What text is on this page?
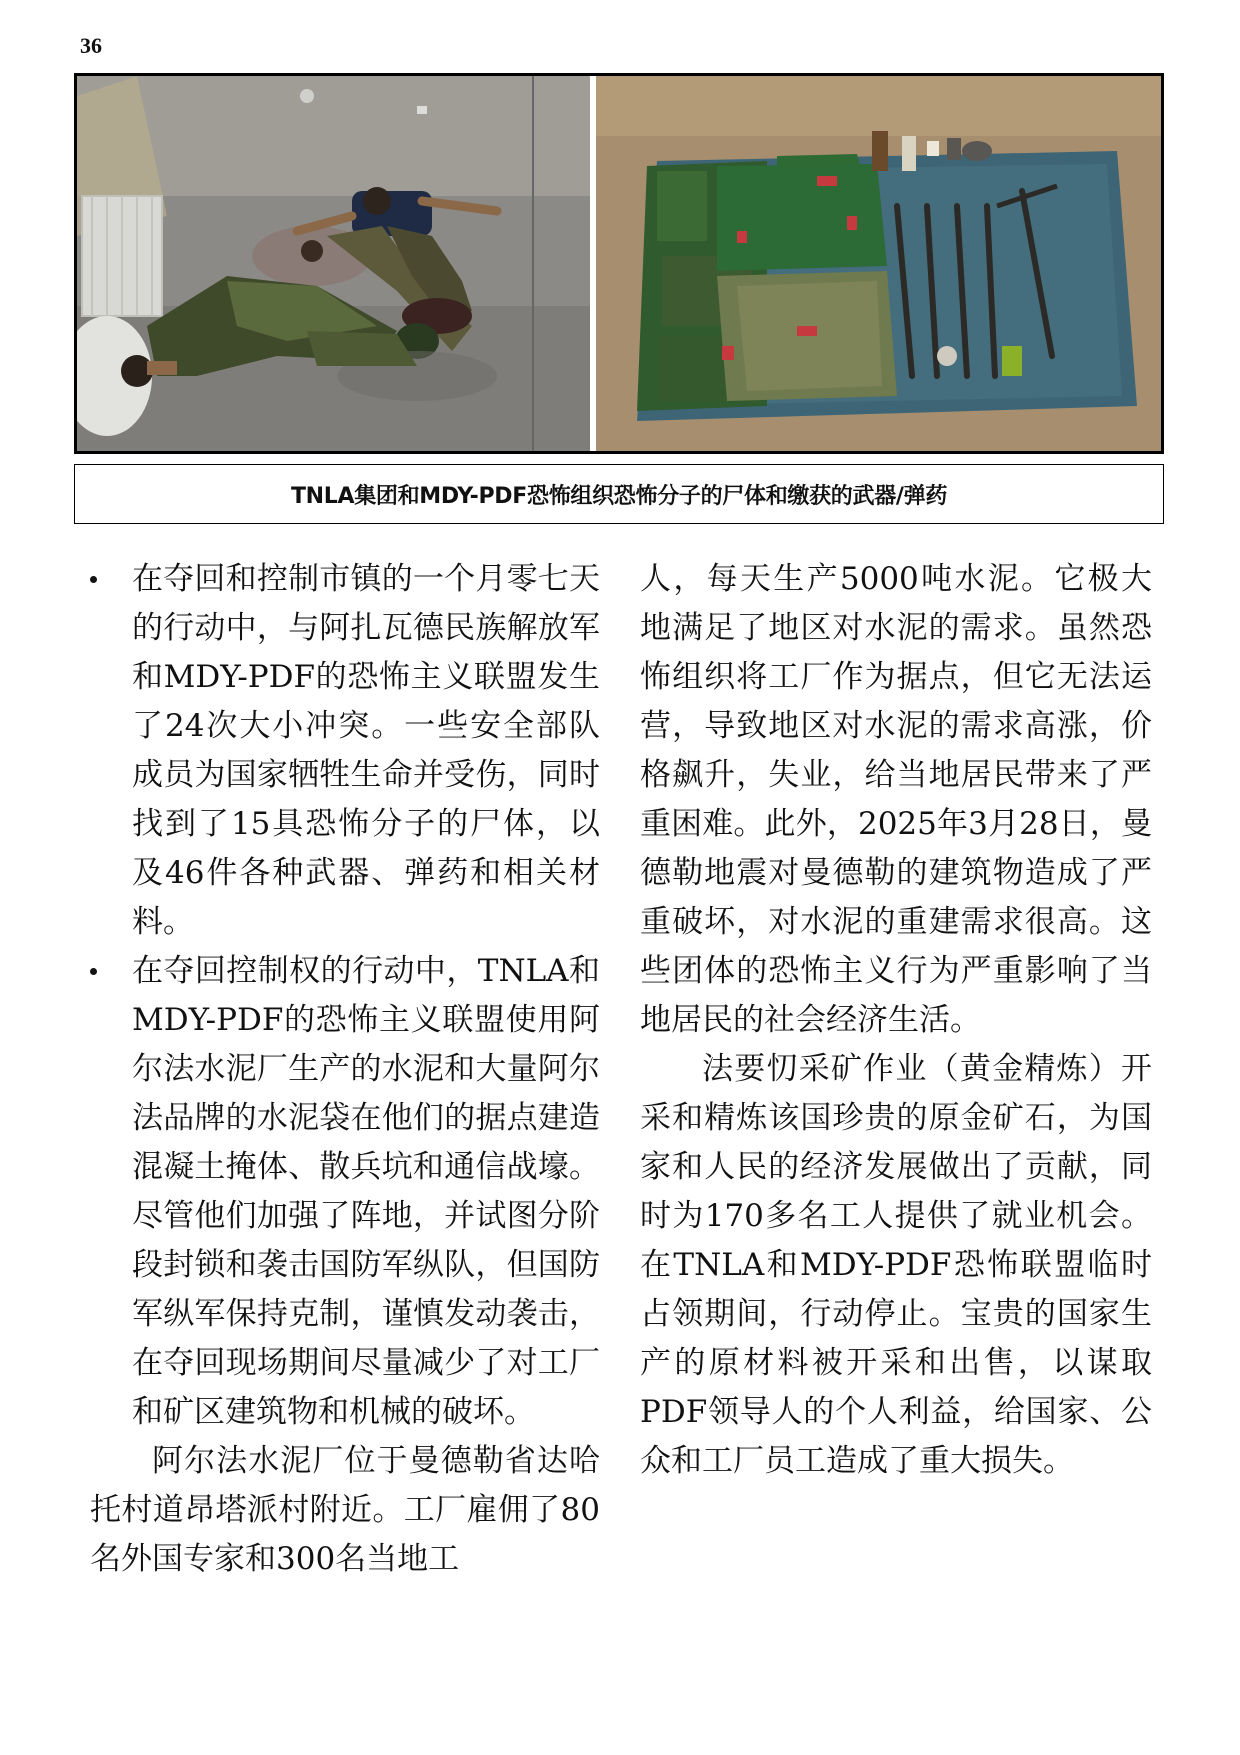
36
TNLA集团和MDY-PDF恐怖组织恐怖分子的尸体和缴获的武器/弹药
在夺回和控制市镇的一个月零七天的行动中，与阿扎瓦德民族解放军和MDY-PDF的恐怖主义联盟发生了24次大小冲突。一些安全部队成员为国家牺牲生命并受伤，同时找到了15具恐怖分子的尸体，以及46件各种武器、弹药和相关材料。
在夺回控制权的行动中，TNLA和MDY-PDF的恐怖主义联盟使用阿尔法水泥厂生产的水泥和大量阿尔法品牌的水泥袋在他们的据点建造混凝土掩体、散兵坑和通信战壕。尽管他们加强了阵地，并试图分阶段封锁和袭击国防军纵队，但国防军纵军保持克制，谨慎发动袭击，在夺回现场期间尽量减少了对工厂和矿区建筑物和机械的破坏。

阿尔法水泥厂位于曼德勒省达哈托村道昂塔派村附近。工厂雇佣了80名外国专家和300名当地工

人，每天生产5000吨水泥。它极大地满足了地区对水泥的需求。虽然恐怖组织将工厂作为据点，但它无法运营，导致地区对水泥的需求高涨，价格飙升，失业，给当地居民带来了严重困难。此外，2025年3月28日，曼德勒地震对曼德勒的建筑物造成了严重破坏，对水泥的重建需求很高。这些团体的恐怖主义行为严重影响了当地居民的社会经济生活。

法要忉采矿作业（黄金精炼）开采和精炼该国珍贵的原金矿石，为国家和人民的经济发展做出了贡献，同时为170多名工人提供了就业机会。在TNLA和MDY-PDF恐怖联盟临时占领期间，行动停止。宝贵的国家生产的原材料被开采和出售，以谋取PDF领导人的个人利益，给国家、公众和工厂员工造成了重大损失。
